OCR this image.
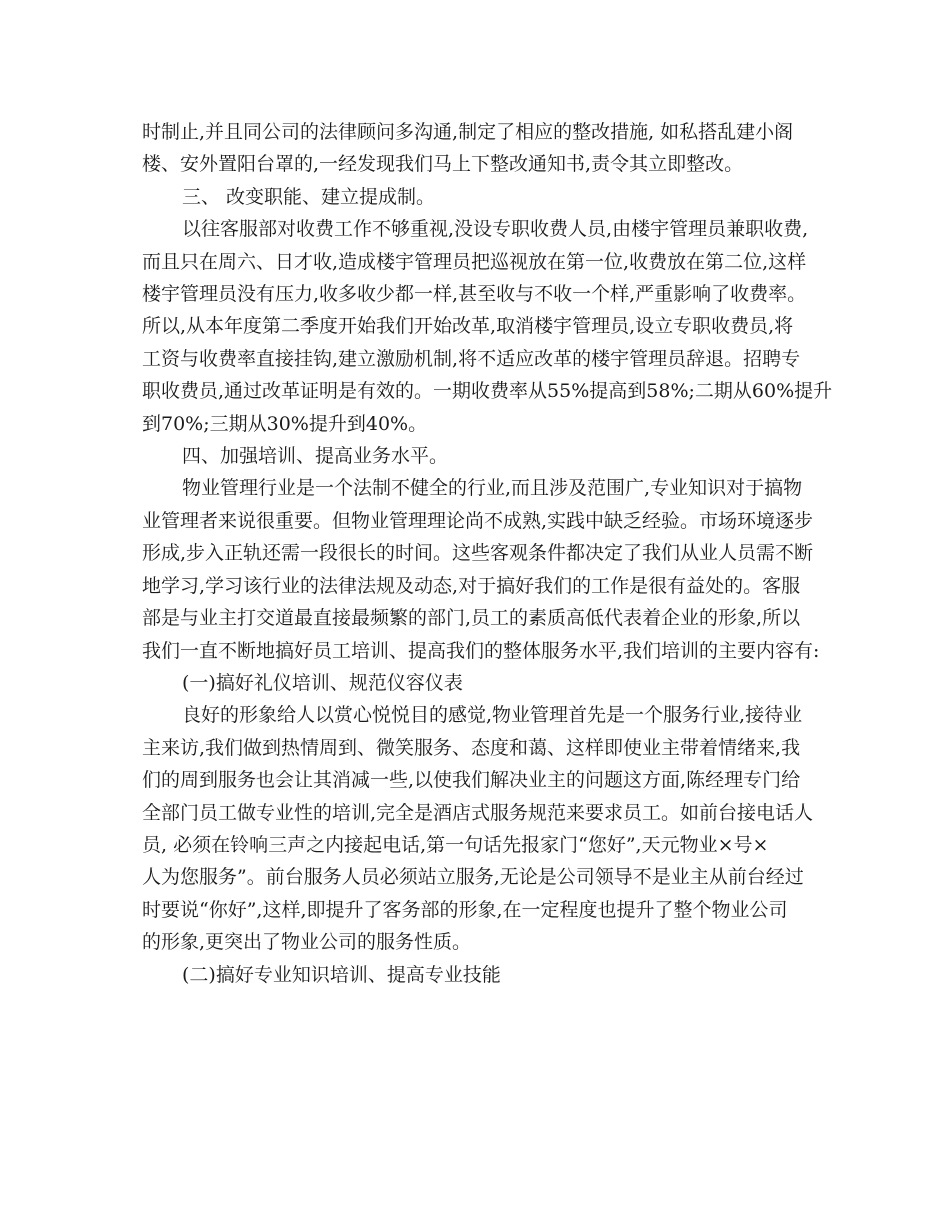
时制止,并且同公司的法律顾问多沟通,制定了相应的整改措施, 如私搭乱建小阁
楼、安外置阳台罩的,一经发现我们马上下整改通知书,责令其立即整改。
三、 改变职能、建立提成制。
以往客服部对收费工作不够重视,没设专职收费人员,由楼宇管理员兼职收费,
而且只在周六、日才收,造成楼宇管理员把巡视放在第一位,收费放在第二位,这样
楼宇管理员没有压力,收多收少都一样,甚至收与不收一个样,严重影响了收费率。
所以,从本年度第二季度开始我们开始改革,取消楼宇管理员,设立专职收费员,将
工资与收费率直接挂钩,建立激励机制,将不适应改革的楼宇管理员辞退。招聘专
职收费员,通过改革证明是有效的。一期收费率从55%提高到58%;二期从60%提升
到70%;三期从30%提升到40%。
四、加强培训、提高业务水平。
物业管理行业是一个法制不健全的行业,而且涉及范围广,专业知识对于搞物
业管理者来说很重要。但物业管理理论尚不成熟,实践中缺乏经验。市场环境逐步
形成,步入正轨还需一段很长的时间。这些客观条件都决定了我们从业人员需不断
地学习,学习该行业的法律法规及动态,对于搞好我们的工作是很有益处的。客服
部是与业主打交道最直接最频繁的部门,员工的素质高低代表着企业的形象,所以
我们一直不断地搞好员工培训、提高我们的整体服务水平,我们培训的主要内容有:
(一)搞好礼仪培训、规范仪容仪表
良好的形象给人以赏心悦悦目的感觉,物业管理首先是一个服务行业,接待业
主来访,我们做到热情周到、微笑服务、态度和蔼、这样即使业主带着情绪来,我
们的周到服务也会让其消减一些,以使我们解决业主的问题这方面,陈经理专门给
全部门员工做专业性的培训,完全是酒店式服务规范来要求员工。如前台接电话人
员, 必须在铃响三声之内接起电话,第一句话先报家门“您好”,天元物业×号×
人为您服务”。前台服务人员必须站立服务,无论是公司领导不是业主从前台经过
时要说“你好”,这样,即提升了客务部的形象,在一定程度也提升了整个物业公司
的形象,更突出了物业公司的服务性质。
(二)搞好专业知识培训、提高专业技能
